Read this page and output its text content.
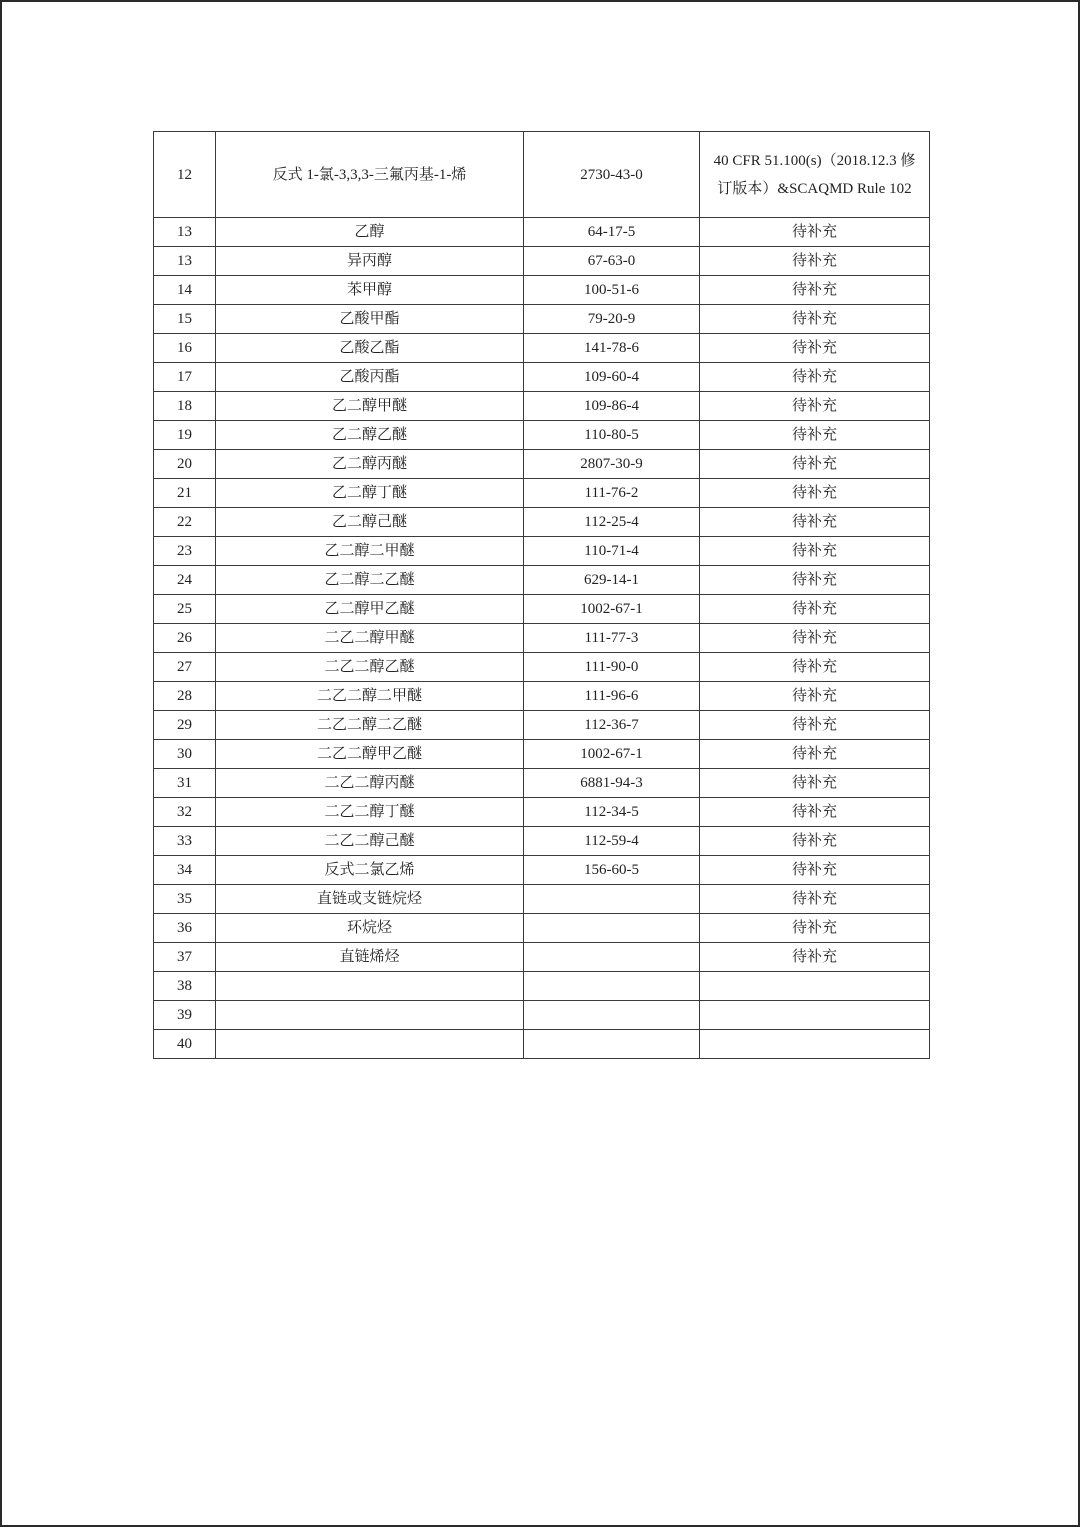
12	反式 1-氯-3,3,3-三氟丙基-1-烯	2730-43-0	40 CFR 51.100(s)（2018.12.3 修订版本）&SCAQMD Rule 102

13	乙醇	64-17-5	待补充
13	异丙醇	67-63-0	待补充
14	苯甲醇	100-51-6	待补充
15	乙酸甲酯	79-20-9	待补充
16	乙酸乙酯	141-78-6	待补充
17	乙酸丙酯	109-60-4	待补充
18	乙二醇甲醚	109-86-4	待补充
19	乙二醇乙醚	110-80-5	待补充
20	乙二醇丙醚	2807-30-9	待补充
21	乙二醇丁醚	111-76-2	待补充
22	乙二醇己醚	112-25-4	待补充
23	乙二醇二甲醚	110-71-4	待补充
24	乙二醇二乙醚	629-14-1	待补充
25	乙二醇甲乙醚	1002-67-1	待补充
26	二乙二醇甲醚	111-77-3	待补充
27	二乙二醇乙醚	111-90-0	待补充
28	二乙二醇二甲醚	111-96-6	待补充
29	二乙二醇二乙醚	112-36-7	待补充
30	二乙二醇甲乙醚	1002-67-1	待补充
31	二乙二醇丙醚	6881-94-3	待补充
32	二乙二醇丁醚	112-34-5	待补充
33	二乙二醇己醚	112-59-4	待补充
34	反式二氯乙烯	156-60-5	待补充
35	直链或支链烷烃		待补充
36	环烷烃		待补充
37	直链烯烃		待补充
38			
39			
40			
